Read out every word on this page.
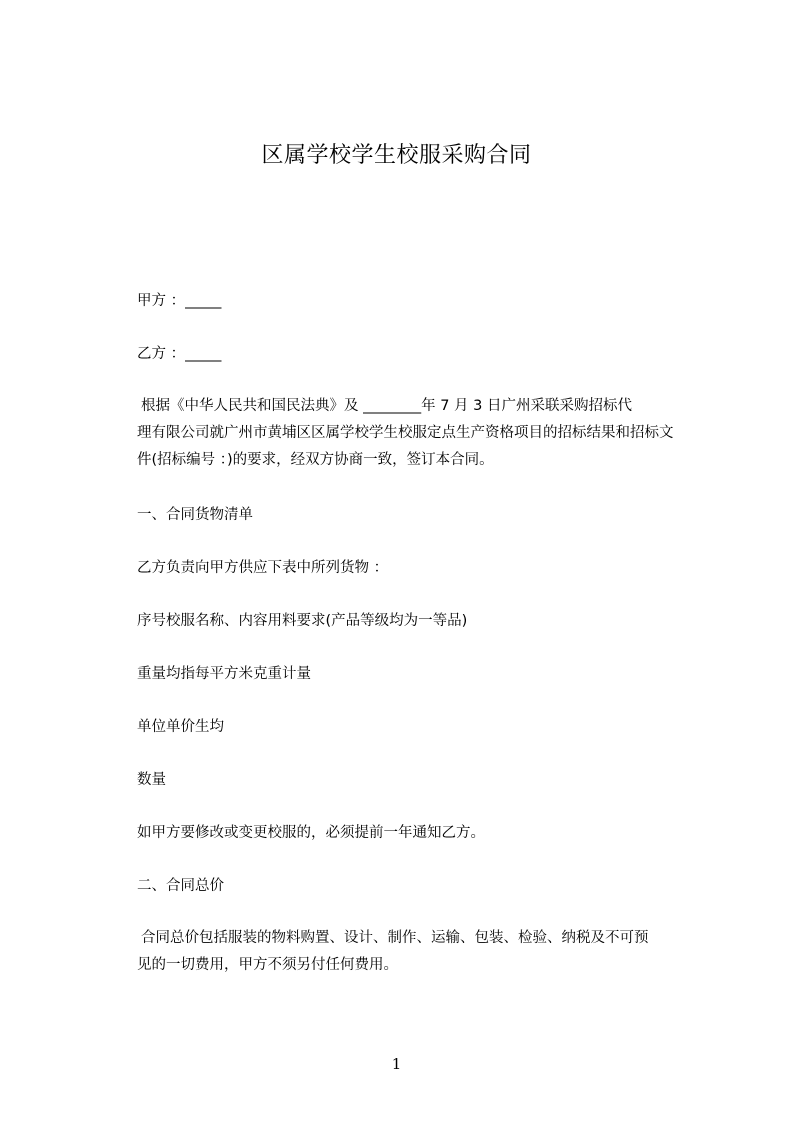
区属学校学生校服采购合同
甲方 ：_____
乙方 ：_____
根据《中华人民共和国民法典》及 ________年 7 月 3 日广州采联采购招标代
理有限公司就广州市黄埔区区属学校学生校服定点生产资格项目的招标结果和招标文
件(招标编号 ：)的要求，经双方协商一致，签订本合同。
一、合同货物清单
乙方负责向甲方供应下表中所列货物 ：
序号校服名称、内容用料要求(产品等级均为一等品)
重量均指每平方米克重计量
单位单价生均
数量
如甲方要修改或变更校服的，必须提前一年通知乙方。
二、合同总价
合同总价包括服装的物料购置、设计、制作、运输、包装、检验、纳税及不可预
见的一切费用，甲方不须另付任何费用。
1
